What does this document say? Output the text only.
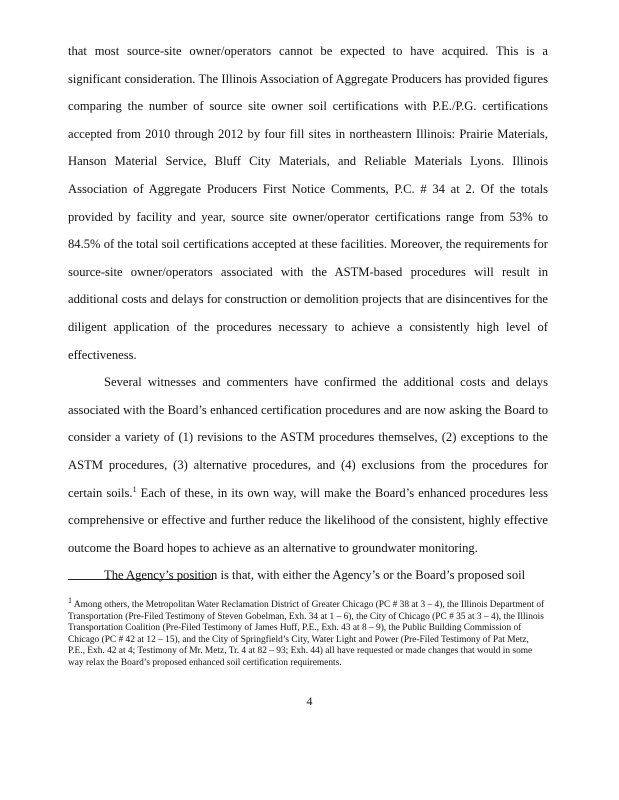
that most source-site owner/operators cannot be expected to have acquired. This is a significant consideration. The Illinois Association of Aggregate Producers has provided figures comparing the number of source site owner soil certifications with P.E./P.G. certifications accepted from 2010 through 2012 by four fill sites in northeastern Illinois: Prairie Materials, Hanson Material Service, Bluff City Materials, and Reliable Materials Lyons. Illinois Association of Aggregate Producers First Notice Comments, P.C. # 34 at 2. Of the totals provided by facility and year, source site owner/operator certifications range from 53% to 84.5% of the total soil certifications accepted at these facilities. Moreover, the requirements for source-site owner/operators associated with the ASTM-based procedures will result in additional costs and delays for construction or demolition projects that are disincentives for the diligent application of the procedures necessary to achieve a consistently high level of effectiveness.

Several witnesses and commenters have confirmed the additional costs and delays associated with the Board’s enhanced certification procedures and are now asking the Board to consider a variety of (1) revisions to the ASTM procedures themselves, (2) exceptions to the ASTM procedures, (3) alternative procedures, and (4) exclusions from the procedures for certain soils.$^1$ Each of these, in its own way, will make the Board’s enhanced procedures less comprehensive or effective and further reduce the likelihood of the consistent, highly effective outcome the Board hopes to achieve as an alternative to groundwater monitoring.

The Agency’s position is that, with either the Agency’s or the Board’s proposed soil

$^1$ Among others, the Metropolitan Water Reclamation District of Greater Chicago (PC # 38 at 3 – 4), the Illinois Department of Transportation (Pre-Filed Testimony of Steven Gobelman, Exh. 34 at 1 – 6), the City of Chicago (PC # 35 at 3 – 4), the Illinois Transportation Coalition (Pre-Filed Testimony of James Huff, P.E., Exh. 43 at 8 – 9), the Public Building Commission of Chicago (PC # 42 at 12 – 15), and the City of Springfield’s City, Water Light and Power (Pre-Filed Testimony of Pat Metz, P.E., Exh. 42 at 4; Testimony of Mr. Metz, Tr. 4 at 82 – 93; Exh. 44) all have requested or made changes that would in some way relax the Board’s proposed enhanced soil certification requirements.
4
